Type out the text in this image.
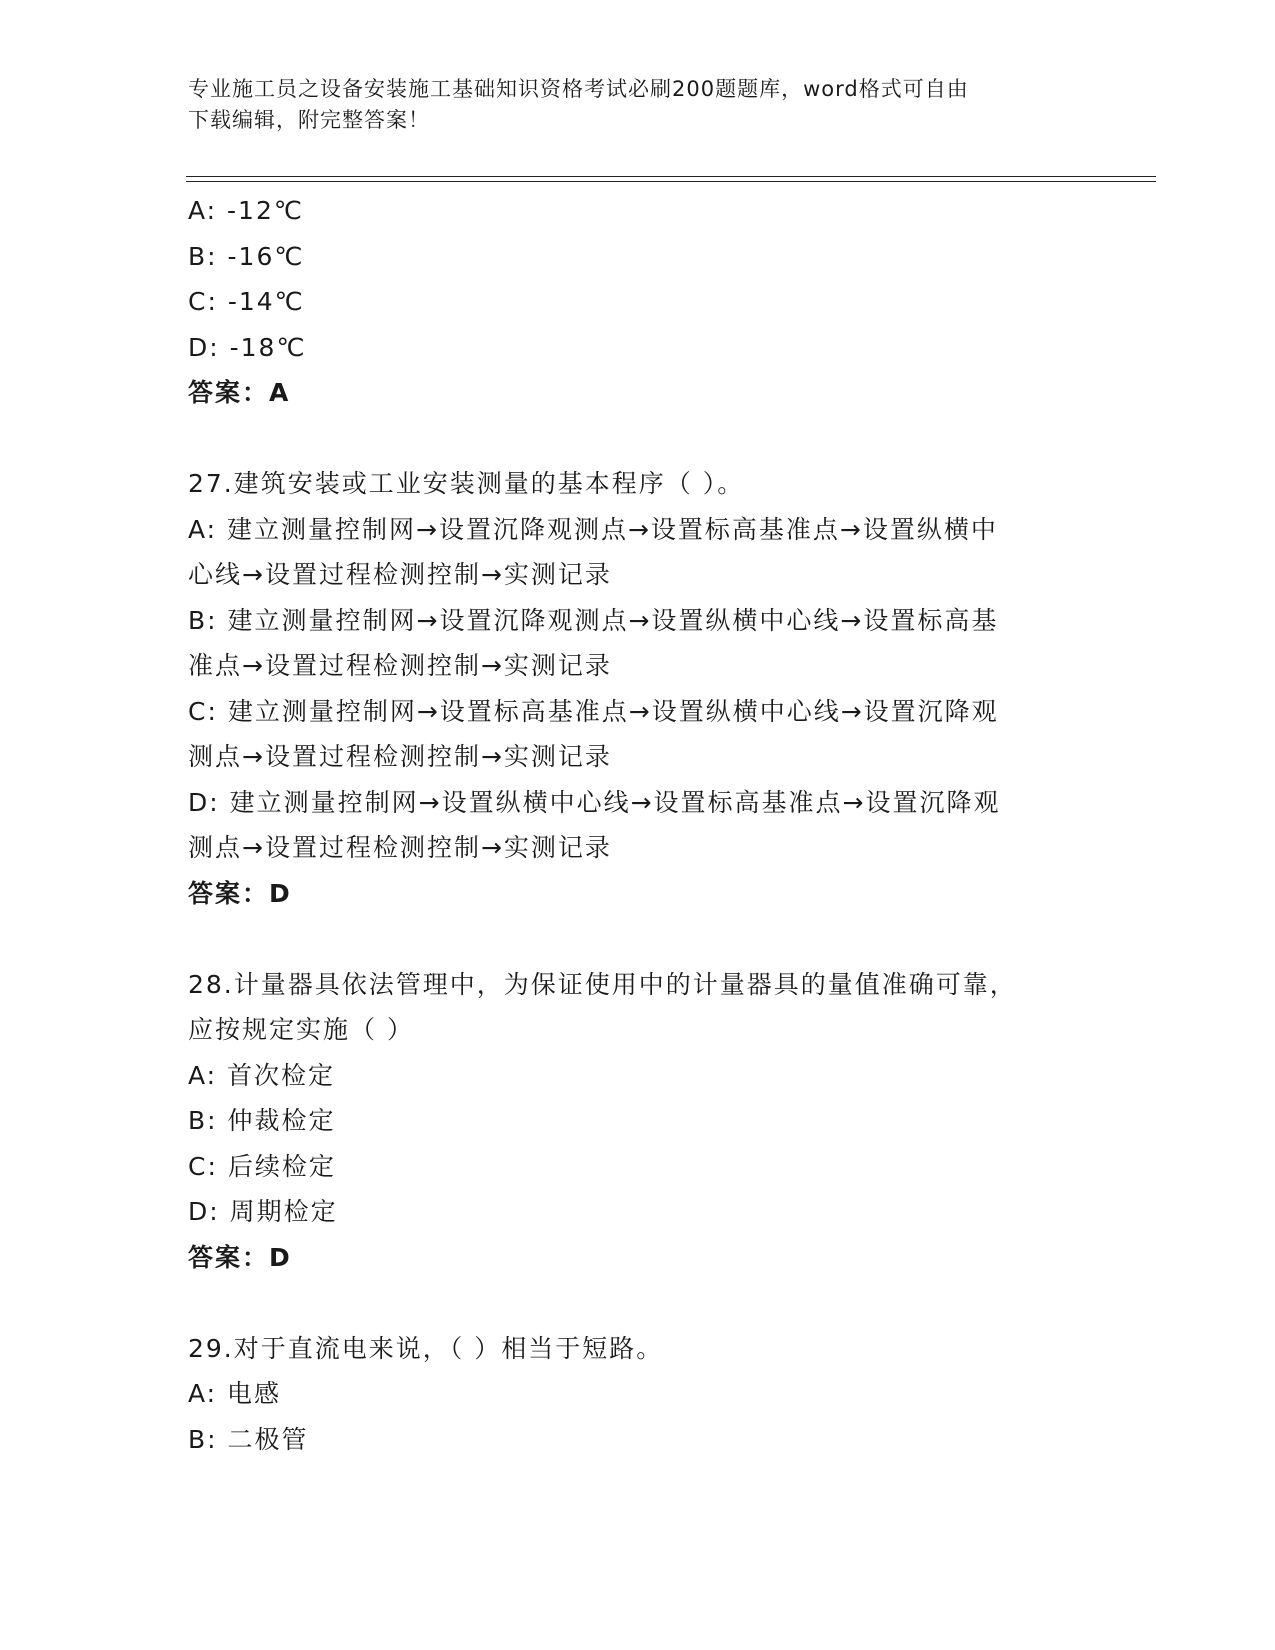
专业施工员之设备安装施工基础知识资格考试必刷200题题库，word格式可自由
下载编辑，附完整答案！
A: -12℃
B: -16℃
C: -14℃
D: -18℃
答案：A
27.建筑安装或工业安装测量的基本程序（ ）。
A: 建立测量控制网→设置沉降观测点→设置标高基准点→设置纵横中
心线→设置过程检测控制→实测记录
B: 建立测量控制网→设置沉降观测点→设置纵横中心线→设置标高基
准点→设置过程检测控制→实测记录
C: 建立测量控制网→设置标高基准点→设置纵横中心线→设置沉降观
测点→设置过程检测控制→实测记录
D: 建立测量控制网→设置纵横中心线→设置标高基准点→设置沉降观
测点→设置过程检测控制→实测记录
答案：D
28.计量器具依法管理中，为保证使用中的计量器具的量值准确可靠，
应按规定实施（ ）
A: 首次检定
B: 仲裁检定
C: 后续检定
D: 周期检定
答案：D
29.对于直流电来说，（ ）相当于短路。
A: 电感
B: 二极管
